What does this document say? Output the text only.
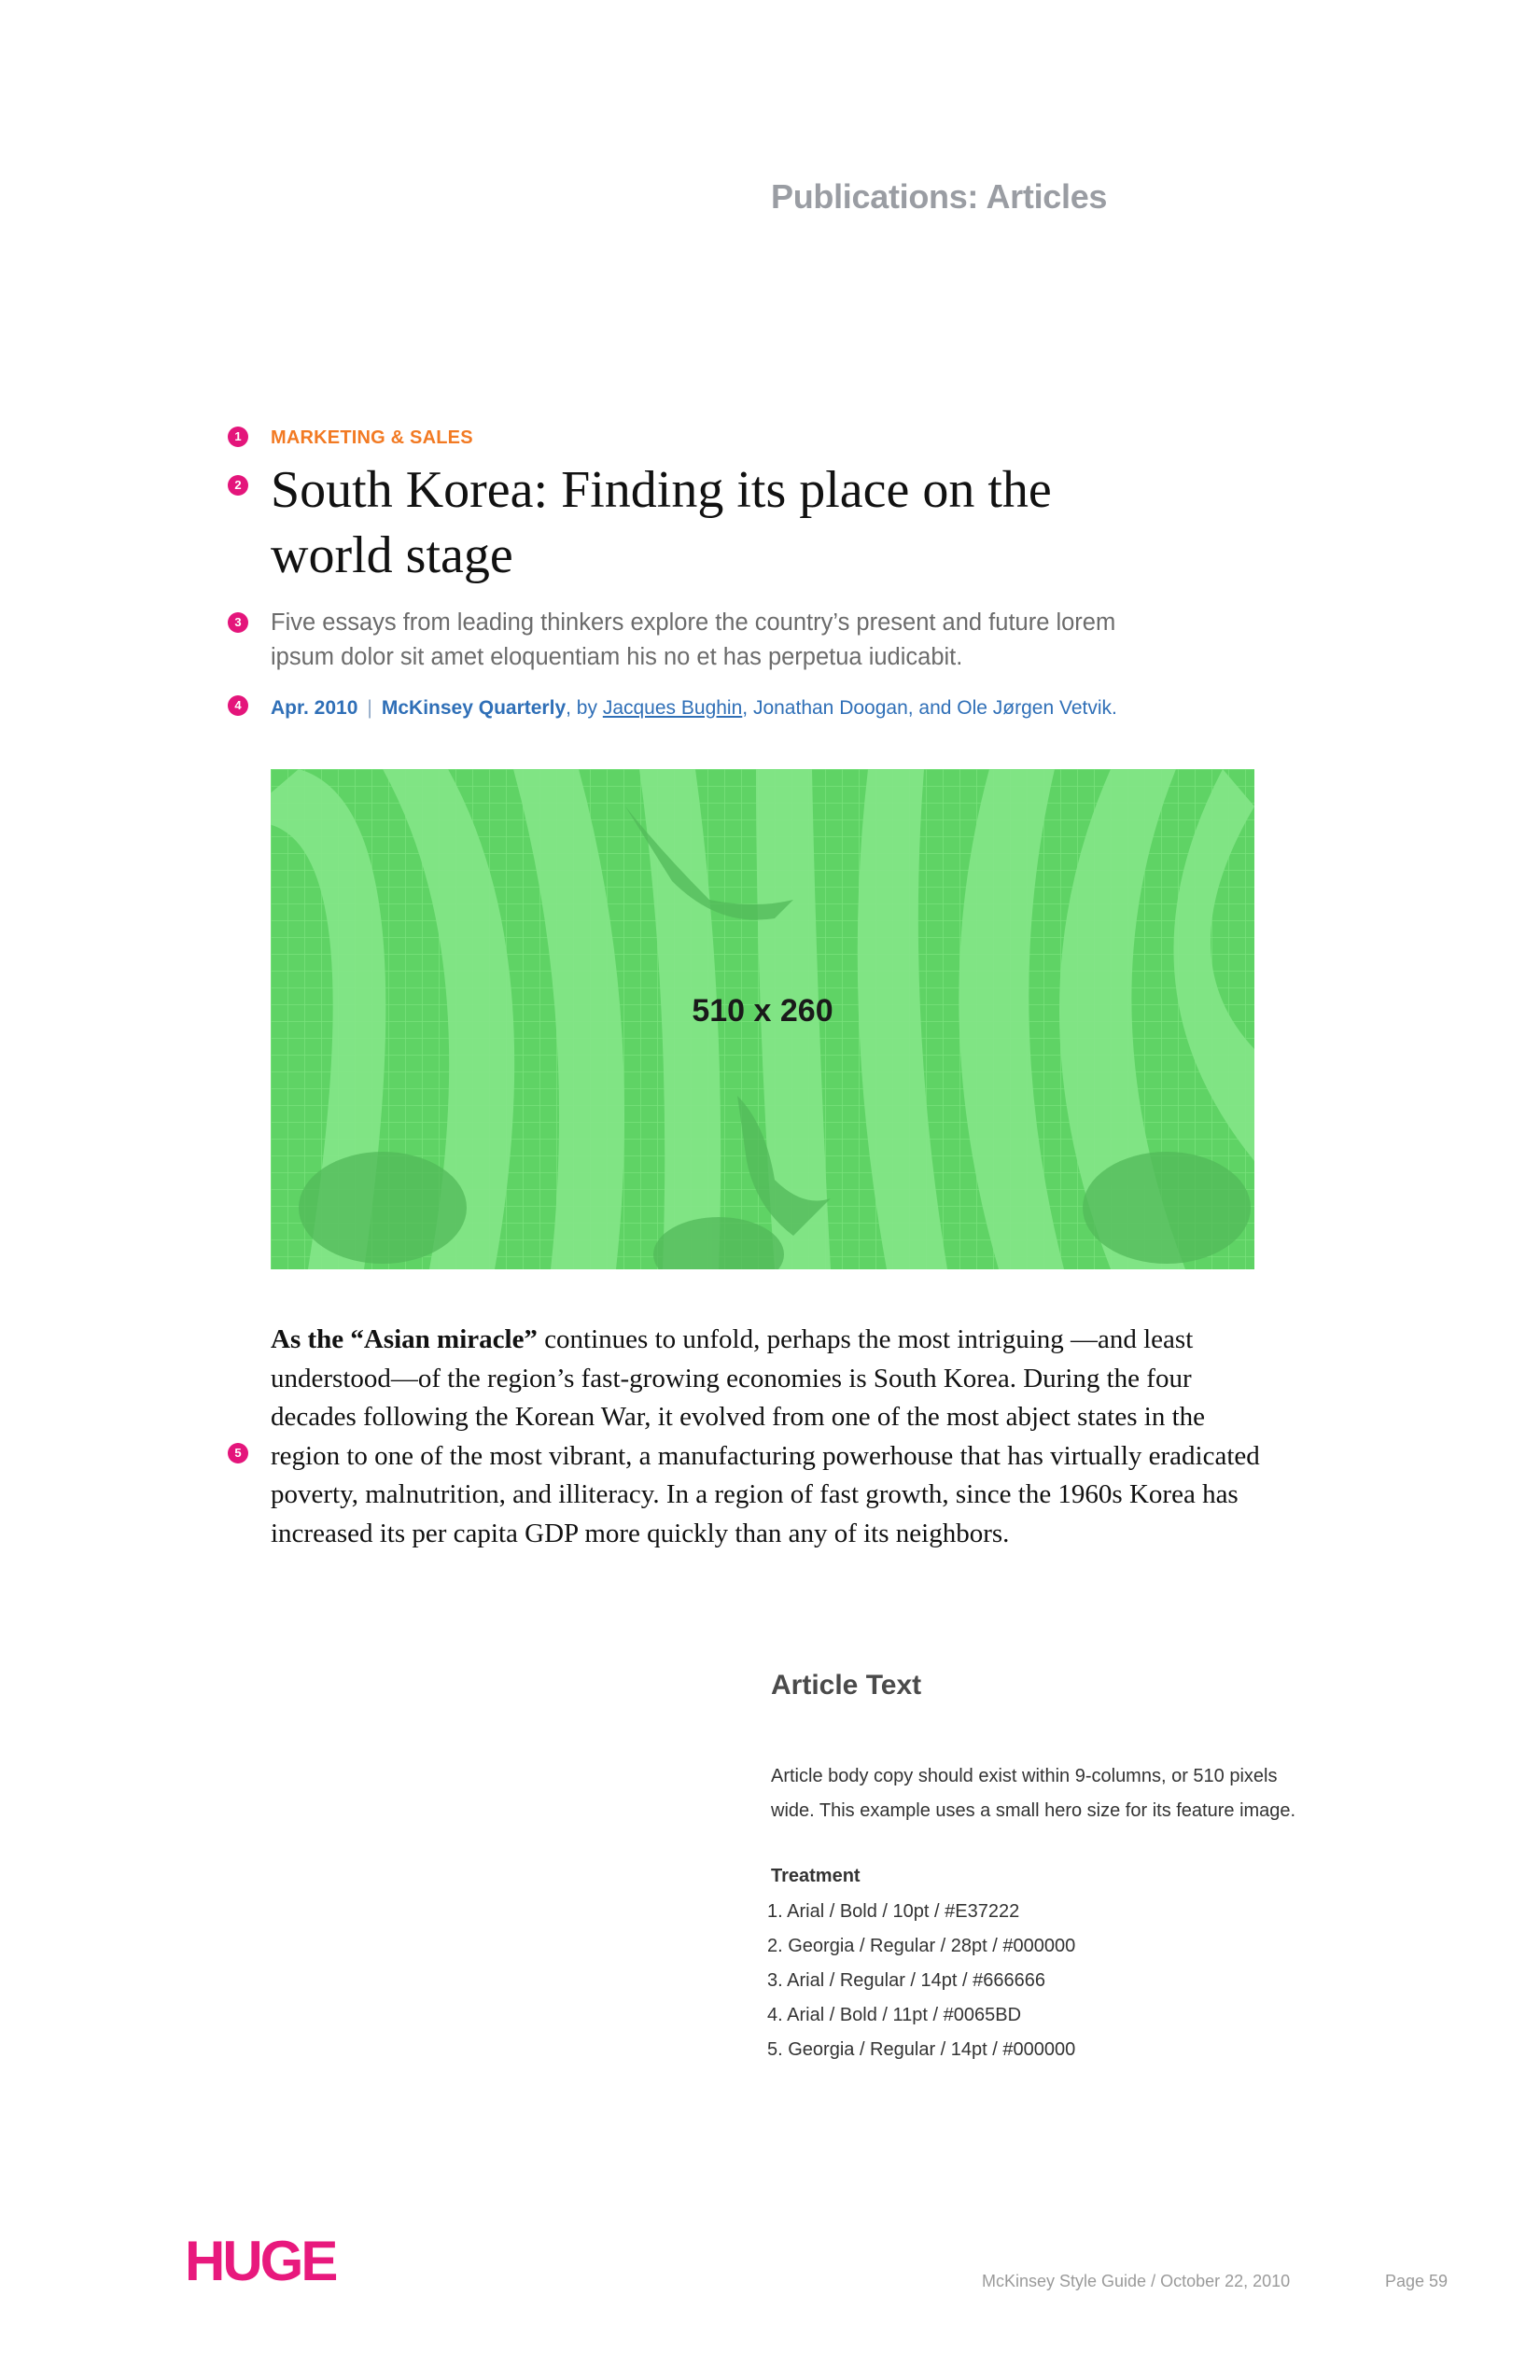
Publications: Articles
1
2
3
4
5
MARKETING & SALES
South Korea: Finding its place on the
world stage
Five essays from leading thinkers explore the country’s present and future lorem
ipsum dolor sit amet eloquentiam his no et has perpetua iudicabit.
Apr. 2010 | McKinsey Quarterly, by Jacques Bughin, Jonathan Doogan, and Ole Jørgen Vetvik.
510 x 260
As the “Asian miracle” continues to unfold, perhaps the most intriguing —and least understood—of the region’s fast-growing economies is South Korea. During the four decades following the Korean War, it evolved from one of the most abject states in the region to one of the most vibrant, a manufacturing powerhouse that has virtually eradicated poverty, malnutrition, and illiteracy. In a region of fast growth, since the 1960s Korea has increased its per capita GDP more quickly than any of its neighbors.
Article Text
Article body copy should exist within 9-columns, or 510 pixels
wide. This example uses a small hero size for its feature image.
Treatment
1. Arial / Bold / 10pt / #E37222
2. Georgia / Regular / 28pt / #000000
3. Arial / Regular / 14pt / #666666
4. Arial / Bold / 11pt / #0065BD
5. Georgia / Regular / 14pt / #000000
HUGE	McKinsey Style Guide / October 22, 2010	Page 59
